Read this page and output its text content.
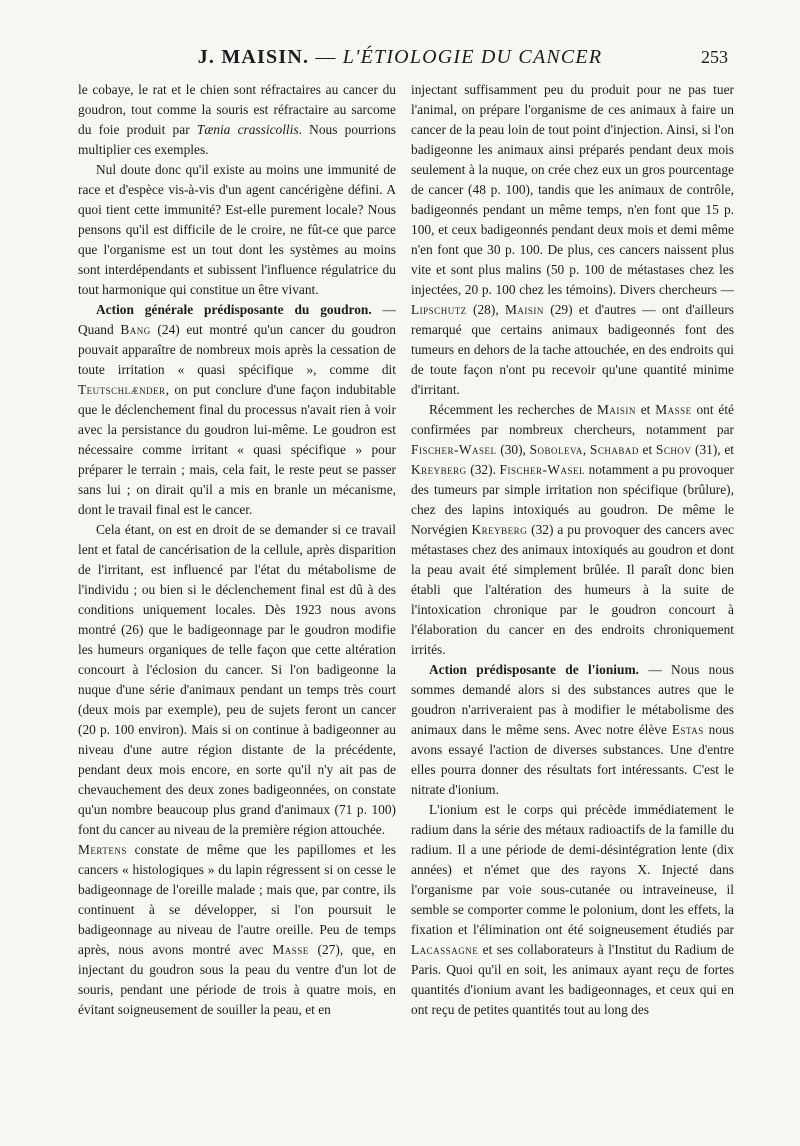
J. MAISIN. — L'ÉTIOLOGIE DU CANCER	253

le cobaye, le rat et le chien sont réfractaires au cancer du goudron, tout comme la souris est réfractaire au sarcome du foie produit par Tænia crassicollis. Nous pourrions multiplier ces exemples.

Nul doute donc qu'il existe au moins une immunité de race et d'espèce vis-à-vis d'un agent cancérigène défini. A quoi tient cette immunité? Est-elle purement locale? Nous pensons qu'il est difficile de le croire, ne fût-ce que parce que l'organisme est un tout dont les systèmes au moins sont interdépendants et subissent l'influence régulatrice du tout harmonique qui constitue un être vivant.

Action générale prédisposante du goudron. — Quand Bang (24) eut montré qu'un cancer du goudron pouvait apparaître de nombreux mois après la cessation de toute irritation « quasi spécifique », comme dit Teutschlænder, on put conclure d'une façon indubitable que le déclenchement final du processus n'avait rien à voir avec la persistance du goudron lui-même. Le goudron est nécessaire comme irritant « quasi spécifique » pour préparer le terrain ; mais, cela fait, le reste peut se passer sans lui ; on dirait qu'il a mis en branle un mécanisme, dont le travail final est le cancer.

Cela étant, on est en droit de se demander si ce travail lent et fatal de cancérisation de la cellule, après disparition de l'irritant, est influencé par l'état du métabolisme de l'individu ; ou bien si le déclenchement final est dû à des conditions uniquement locales. Dès 1923 nous avons montré (26) que le badigeonnage par le goudron modifie les humeurs organiques de telle façon que cette altération concourt à l'éclosion du cancer. Si l'on badigeonne la nuque d'une série d'animaux pendant un temps très court (deux mois par exemple), peu de sujets feront un cancer (20 p. 100 environ). Mais si on continue à badigeonner au niveau d'une autre région distante de la précédente, pendant deux mois encore, en sorte qu'il n'y ait pas de chevauchement des deux zones badigeonnées, on constate qu'un nombre beaucoup plus grand d'animaux (71 p. 100) font du cancer au niveau de la première région attouchée.

Mertens constate de même que les papillomes et les cancers « histologiques » du lapin régressent si on cesse le badigeonnage de l'oreille malade ; mais que, par contre, ils continuent à se développer, si l'on poursuit le badigeonnage au niveau de l'autre oreille. Peu de temps après, nous avons montré avec Masse (27), que, en injectant du goudron sous la peau du ventre d'un lot de souris, pendant une période de trois à quatre mois, en évitant soigneusement de souiller la peau, et en

injectant suffisamment peu du produit pour ne pas tuer l'animal, on prépare l'organisme de ces animaux à faire un cancer de la peau loin de tout point d'injection. Ainsi, si l'on badigeonne les animaux ainsi préparés pendant deux mois seulement à la nuque, on crée chez eux un gros pourcentage de cancer (48 p. 100), tandis que les animaux de contrôle, badigeonnés pendant un même temps, n'en font que 15 p. 100, et ceux badigeonnés pendant deux mois et demi même n'en font que 30 p. 100. De plus, ces cancers naissent plus vite et sont plus malins (50 p. 100 de métastases chez les injectées, 20 p. 100 chez les témoins). Divers chercheurs — Lipschutz (28), Maisin (29) et d'autres — ont d'ailleurs remarqué que certains animaux badigeonnés font des tumeurs en dehors de la tache attouchée, en des endroits qui de toute façon n'ont pu recevoir qu'une quantité minime d'irritant.

Récemment les recherches de Maisin et Masse ont été confirmées par nombreux chercheurs, notamment par Fischer-Wasel (30), Soboleva, Schabad et Schov (31), et Kreyberg (32). Fischer-Wasel notamment a pu provoquer des tumeurs par simple irritation non spécifique (brûlure), chez des lapins intoxiqués au goudron. De même le Norvégien Kreyberg (32) a pu provoquer des cancers avec métastases chez des animaux intoxiqués au goudron et dont la peau avait été simplement brûlée. Il paraît donc bien établi que l'altération des humeurs à la suite de l'intoxication chronique par le goudron concourt à l'élaboration du cancer en des endroits chroniquement irrités.

Action prédisposante de l'ionium. — Nous nous sommes demandé alors si des substances autres que le goudron n'arriveraient pas à modifier le métabolisme des animaux dans le même sens. Avec notre élève Estas nous avons essayé l'action de diverses substances. Une d'entre elles pourra donner des résultats fort intéressants. C'est le nitrate d'ionium.

L'ionium est le corps qui précède immédiatement le radium dans la série des métaux radioactifs de la famille du radium. Il a une période de demi-désintégration lente (dix années) et n'émet que des rayons X. Injecté dans l'organisme par voie sous-cutanée ou intraveineuse, il semble se comporter comme le polonium, dont les effets, la fixation et l'élimination ont été soigneusement étudiés par Lacassagne et ses collaborateurs à l'Institut du Radium de Paris. Quoi qu'il en soit, les animaux ayant reçu de fortes quantités d'ionium avant les badigeonnages, et ceux qui en ont reçu de petites quantités tout au long des
